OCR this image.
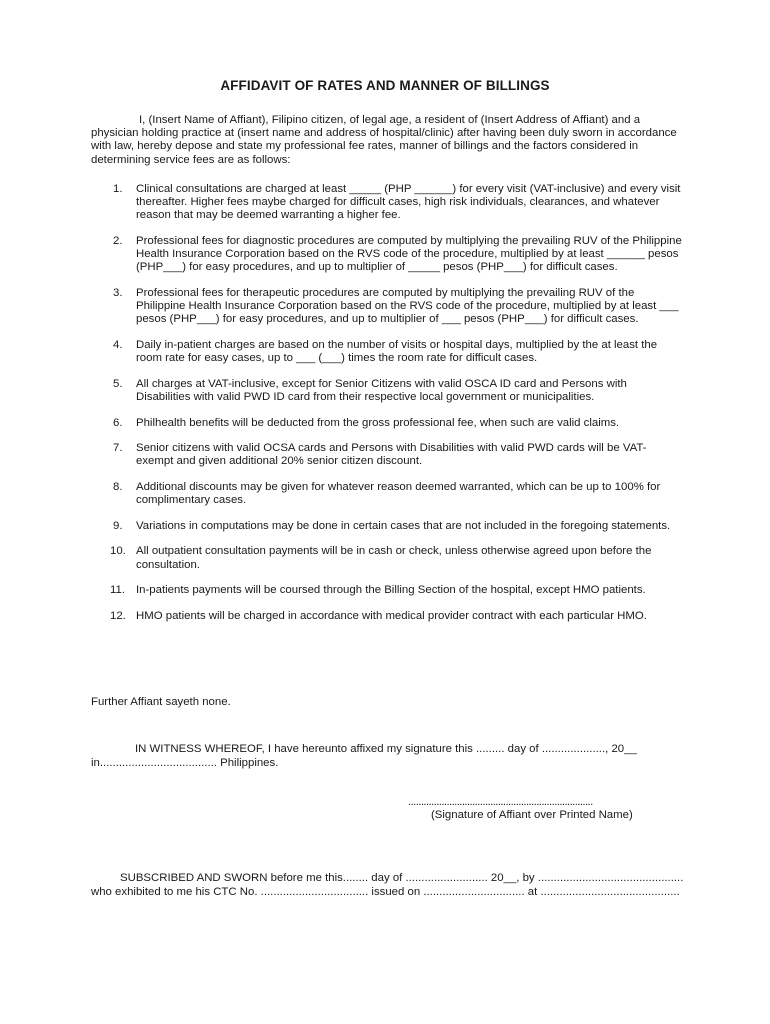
AFFIDAVIT OF RATES AND MANNER OF BILLINGS
I, (Insert Name of Affiant), Filipino citizen, of legal age, a resident of (Insert Address of Affiant) and a physician holding practice at (insert name and address of hospital/clinic) after having been duly sworn in accordance with law, hereby depose and state my professional fee rates, manner of billings and the factors considered in determining service fees are as follows:
1. Clinical consultations are charged at least _____ (PHP ______) for every visit (VAT-inclusive) and every visit thereafter. Higher fees maybe charged for difficult cases, high risk individuals, clearances, and whatever reason that may be deemed warranting a higher fee.
2. Professional fees for diagnostic procedures are computed by multiplying the prevailing RUV of the Philippine Health Insurance Corporation based on the RVS code of the procedure, multiplied by at least ______ pesos (PHP___) for easy procedures, and up to multiplier of _____ pesos (PHP___) for difficult cases.
3. Professional fees for therapeutic procedures are computed by multiplying the prevailing RUV of the Philippine Health Insurance Corporation based on the RVS code of the procedure, multiplied by at least ___ pesos (PHP___) for easy procedures, and up to multiplier of ___ pesos (PHP___) for difficult cases.
4. Daily in-patient charges are based on the number of visits or hospital days, multiplied by the at least the room rate for easy cases, up to ___ (___) times the room rate for difficult cases.
5. All charges at VAT-inclusive, except for Senior Citizens with valid OSCA ID card and Persons with Disabilities with valid PWD ID card from their respective local government or municipalities.
6. Philhealth benefits will be deducted from the gross professional fee, when such are valid claims.
7. Senior citizens with valid OCSA cards and Persons with Disabilities with valid PWD cards will be VAT-exempt and given additional 20% senior citizen discount.
8. Additional discounts may be given for whatever reason deemed warranted, which can be up to 100% for complimentary cases.
9. Variations in computations may be done in certain cases that are not included in the foregoing statements.
10. All outpatient consultation payments will be in cash or check, unless otherwise agreed upon before the consultation.
11. In-patients payments will be coursed through the Billing Section of the hospital, except HMO patients.
12. HMO patients will be charged in accordance with medical provider contract with each particular HMO.
Further Affiant sayeth none.
IN WITNESS WHEREOF, I have hereunto affixed my signature this ......... day of ...................., 20__ in..................................... Philippines.
........................................................................
(Signature of Affiant over Printed Name)
SUBSCRIBED AND SWORN before me this........ day of .......................... 20__, by .............................................. who exhibited to me his CTC No. .................................. issued on ................................ at ............................................
